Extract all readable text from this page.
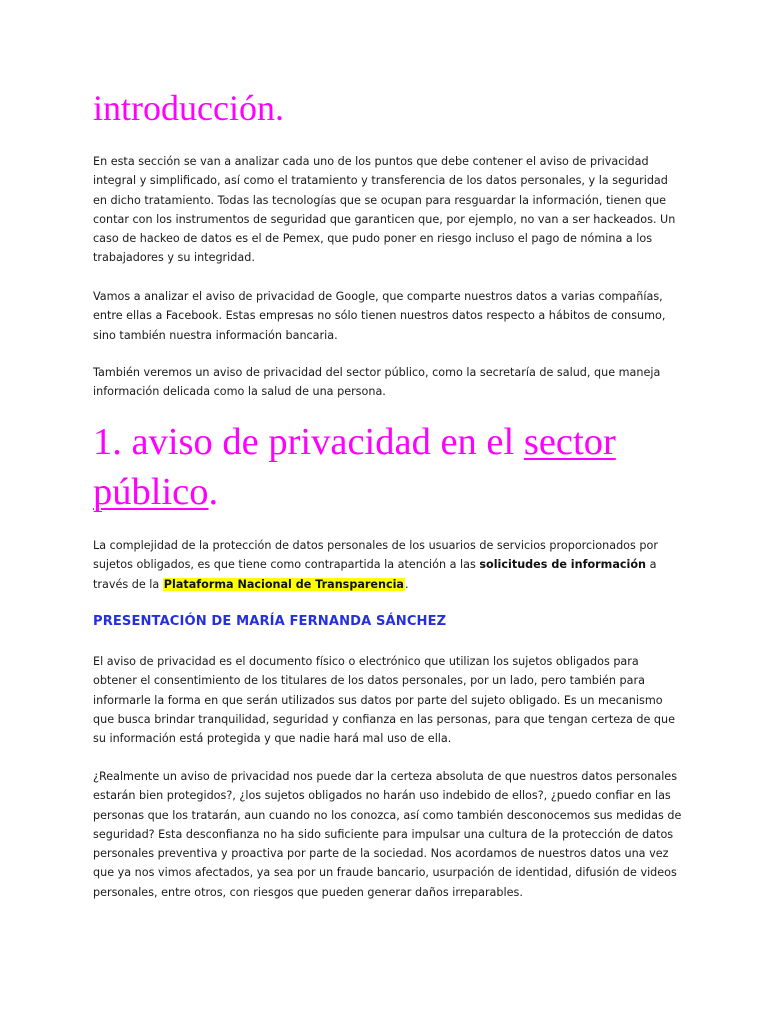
introducción.

En esta sección se van a analizar cada uno de los puntos que debe contener el aviso de privacidad integral y simplificado, así como el tratamiento y transferencia de los datos personales, y la seguridad en dicho tratamiento. Todas las tecnologías que se ocupan para resguardar la información, tienen que contar con los instrumentos de seguridad que garanticen que, por ejemplo, no van a ser hackeados. Un caso de hackeo de datos es el de Pemex, que pudo poner en riesgo incluso el pago de nómina a los trabajadores y su integridad.

Vamos a analizar el aviso de privacidad de Google, que comparte nuestros datos a varias compañías, entre ellas a Facebook. Estas empresas no sólo tienen nuestros datos respecto a hábitos de consumo, sino también nuestra información bancaria.

También veremos un aviso de privacidad del sector público, como la secretaría de salud, que maneja información delicada como la salud de una persona.

1. aviso de privacidad en el sector público.

La complejidad de la protección de datos personales de los usuarios de servicios proporcionados por sujetos obligados, es que tiene como contrapartida la atención a las solicitudes de información a través de la Plataforma Nacional de Transparencia.

PRESENTACIÓN DE MARÍA FERNANDA SÁNCHEZ

El aviso de privacidad es el documento físico o electrónico que utilizan los sujetos obligados para obtener el consentimiento de los titulares de los datos personales, por un lado, pero también para informarle la forma en que serán utilizados sus datos por parte del sujeto obligado. Es un mecanismo que busca brindar tranquilidad, seguridad y confianza en las personas, para que tengan certeza de que su información está protegida y que nadie hará mal uso de ella.

¿Realmente un aviso de privacidad nos puede dar la certeza absoluta de que nuestros datos personales estarán bien protegidos?, ¿los sujetos obligados no harán uso indebido de ellos?, ¿puedo confiar en las personas que los tratarán, aun cuando no los conozca, así como también desconocemos sus medidas de seguridad? Esta desconfianza no ha sido suficiente para impulsar una cultura de la protección de datos personales preventiva y proactiva por parte de la sociedad. Nos acordamos de nuestros datos una vez que ya nos vimos afectados, ya sea por un fraude bancario, usurpación de identidad, difusión de videos personales, entre otros, con riesgos que pueden generar daños irreparables.
